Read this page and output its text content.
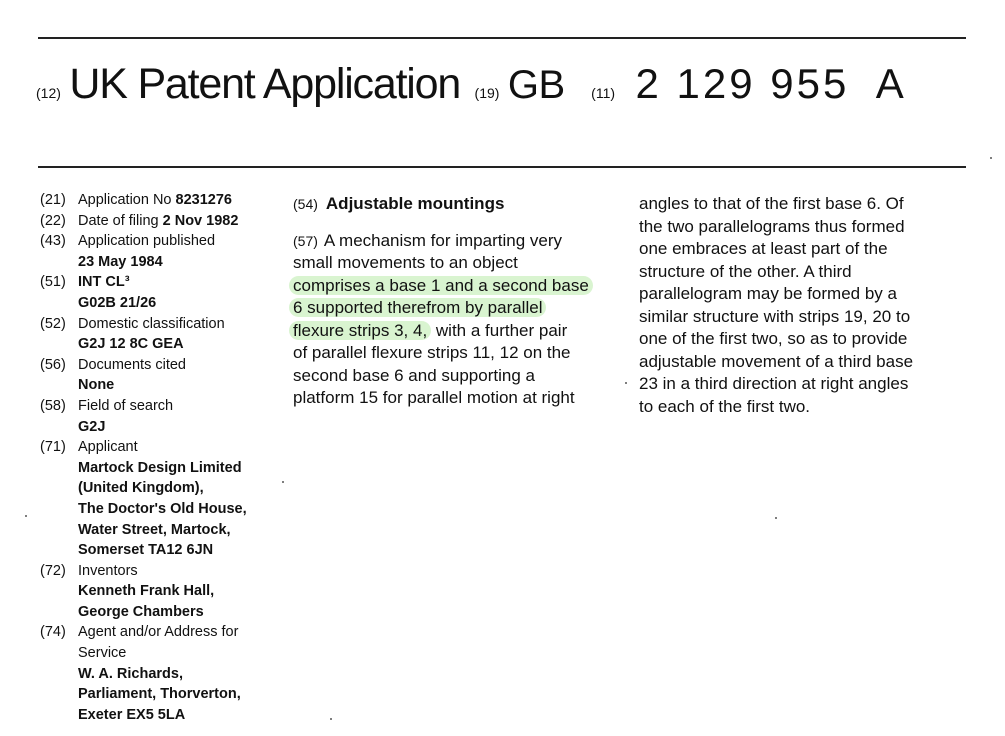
(12) UK Patent Application (19) GB (11) 2 129 955 A
(21) Application No 8231276
(22) Date of filing 2 Nov 1982
(43) Application published
23 May 1984
(51) INT CL³
G02B 21/26
(52) Domestic classification
G2J 12 8C GEA
(56) Documents cited
None
(58) Field of search
G2J
(71) Applicant
Martock Design Limited
(United Kingdom),
The Doctor's Old House,
Water Street, Martock,
Somerset TA12 6JN
(72) Inventors
Kenneth Frank Hall,
George Chambers
(74) Agent and/or Address for Service
W. A. Richards,
Parliament, Thorverton,
Exeter EX5 5LA
(54) Adjustable mountings
(57) A mechanism for imparting very
small movements to an object
comprises a base 1 and a second base
6 supported therefrom by parallel
flexure strips 3, 4, with a further pair
of parallel flexure strips 11, 12 on the
second base 6 and supporting a
platform 15 for parallel motion at right
angles to that of the first base 6. Of
the two parallelograms thus formed
one embraces at least part of the
structure of the other. A third
parallelogram may be formed by a
similar structure with strips 19, 20 to
one of the first two, so as to provide
adjustable movement of a third base
23 in a third direction at right angles
to each of the first two.
